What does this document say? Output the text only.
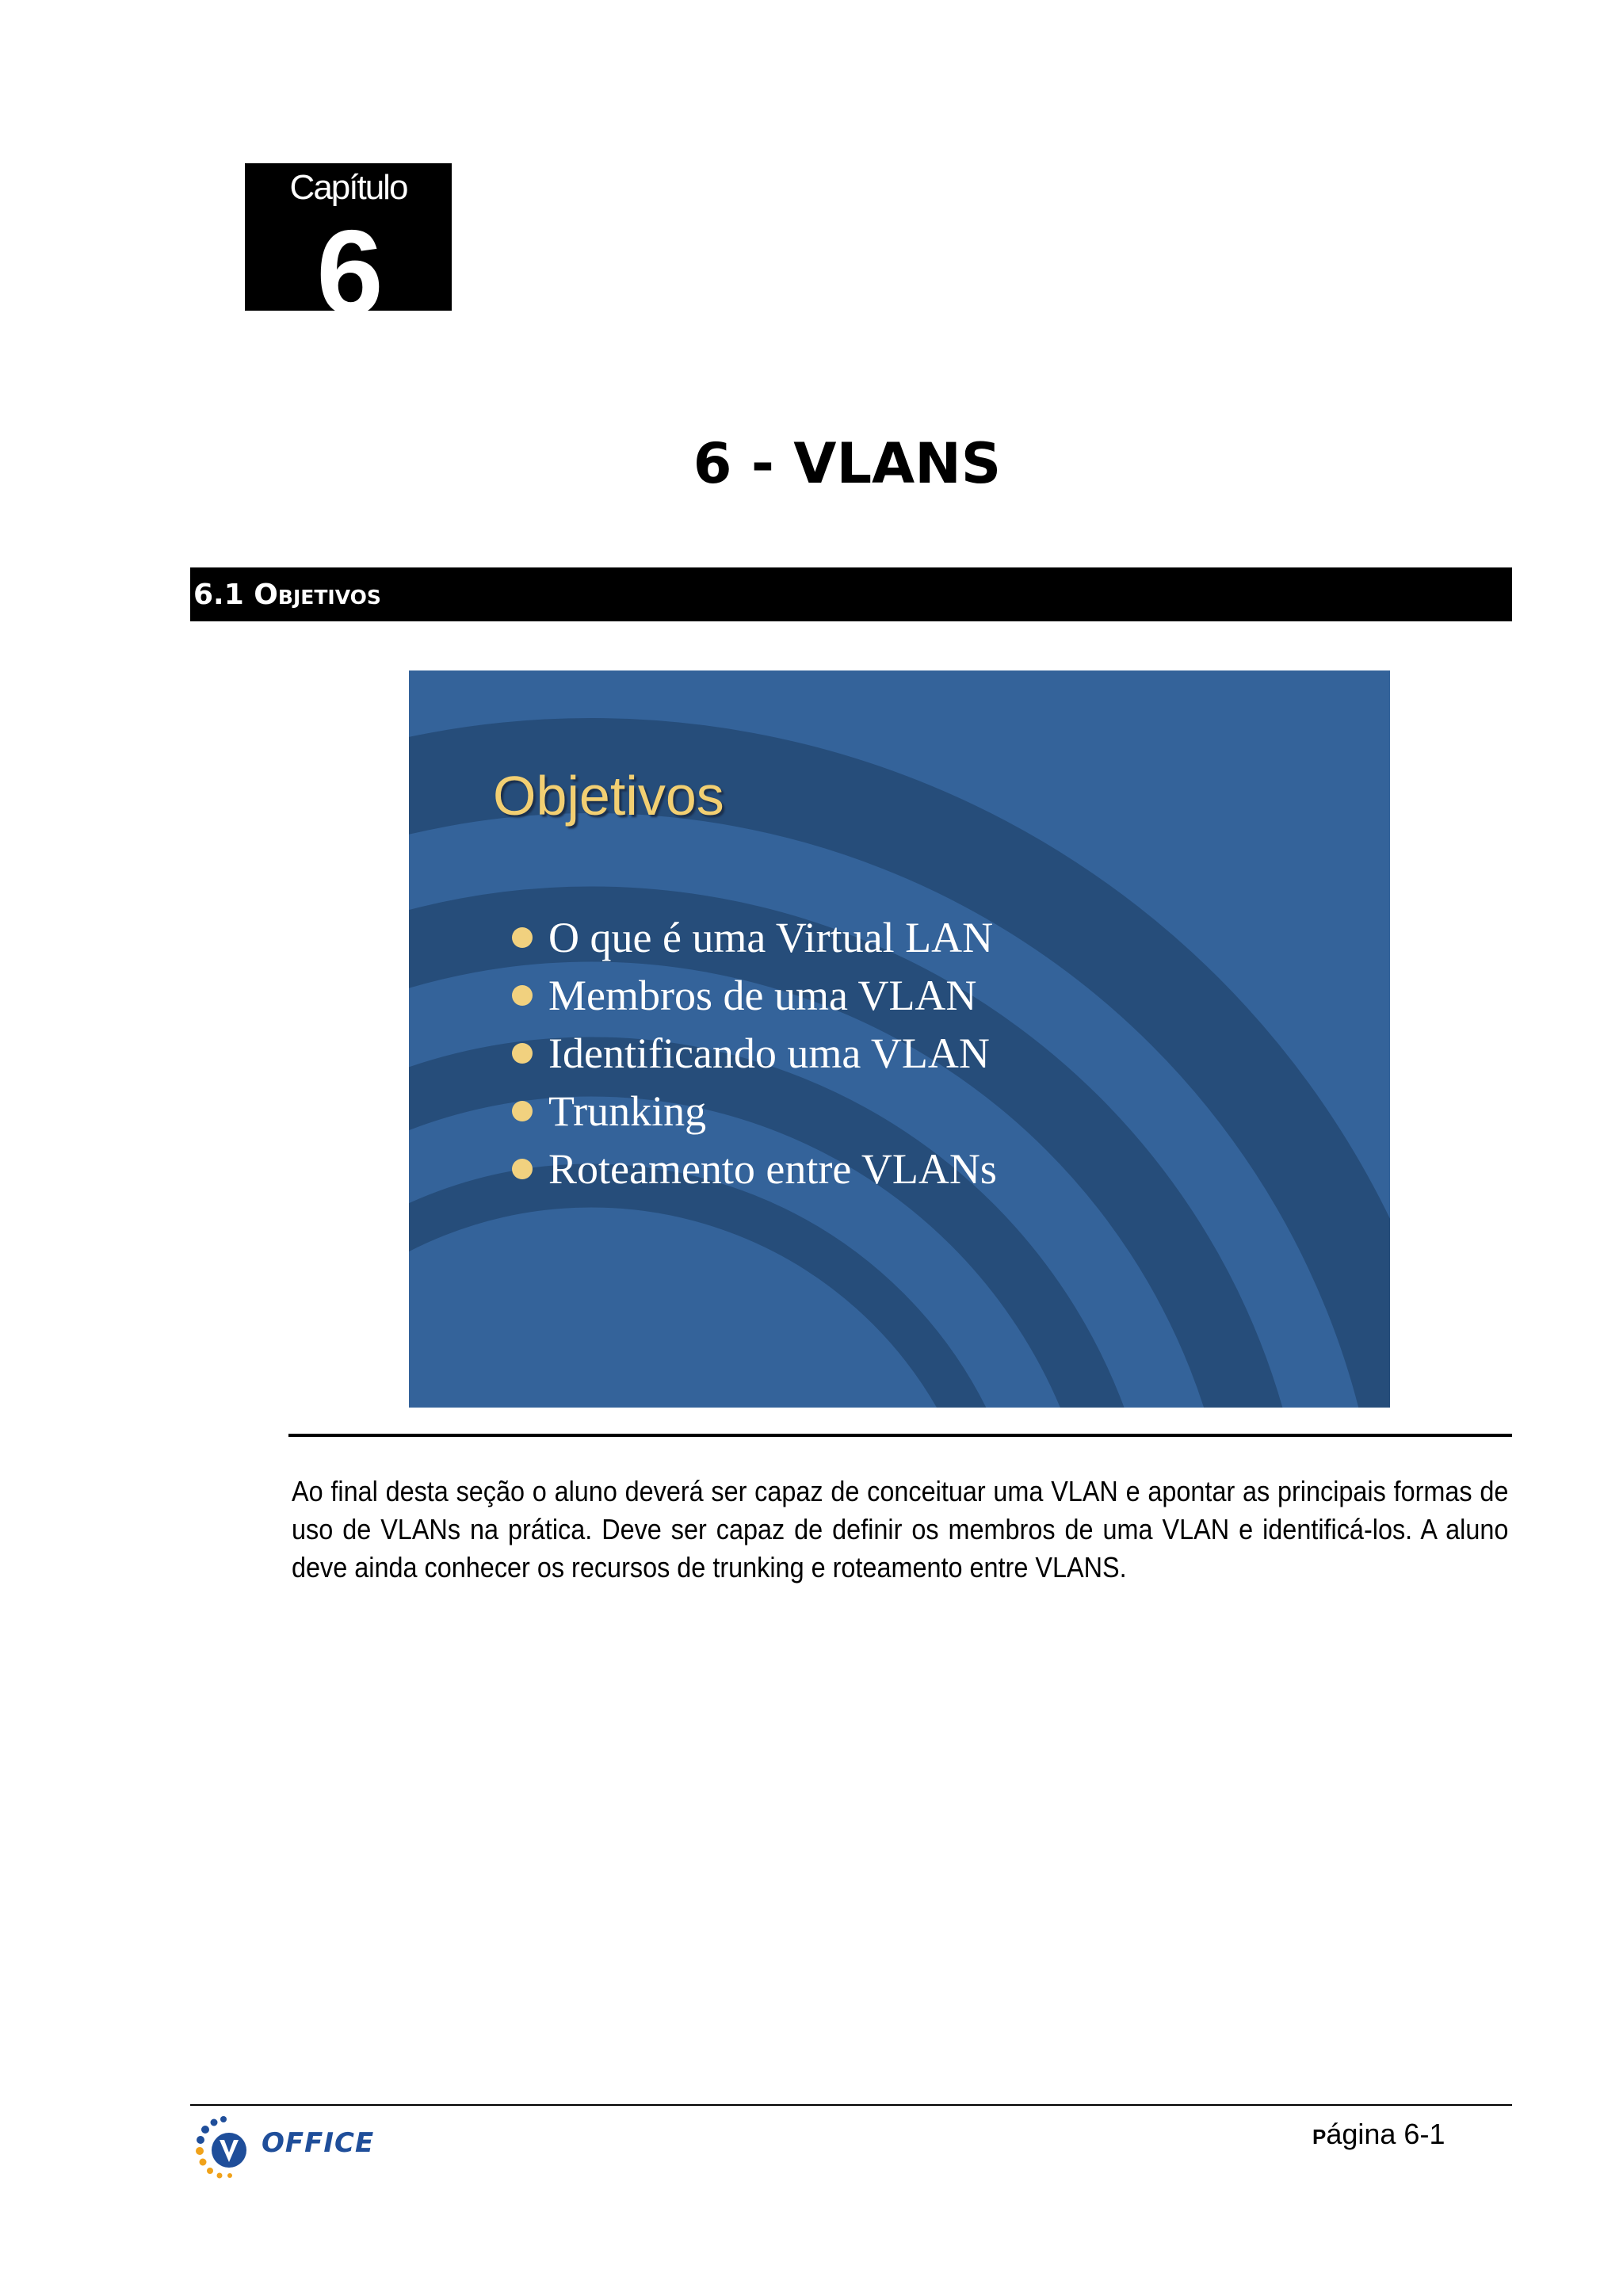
Capítulo
6
6 - VLANS
6.1 Objetivos
Objetivos
O que é uma Virtual LAN
Membros de uma VLAN
Identificando uma VLAN
Trunking
Roteamento entre VLANs
Ao final desta seção o aluno deverá ser capaz de conceituar uma VLAN e apontar as principais formas de uso de VLANs na prática. Deve ser capaz de definir os membros de uma VLAN e identificá-los. A aluno deve ainda conhecer os recursos de trunking e roteamento entre VLANS.
OFFICE	Página 6-1
